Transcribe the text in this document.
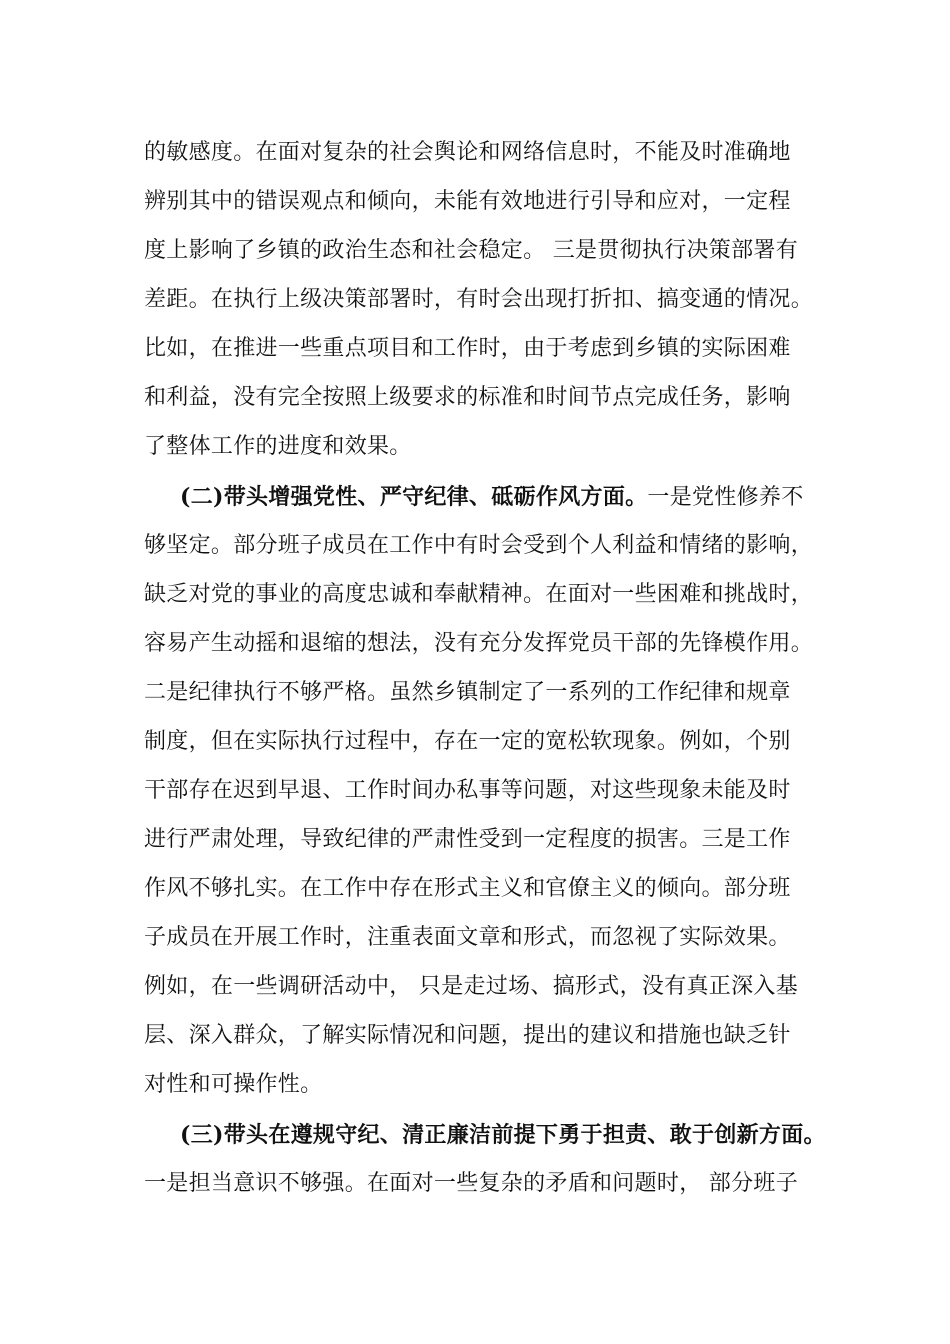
的敏感度。在面对复杂的社会舆论和网络信息时，不能及时准确地
辨别其中的错误观点和倾向，未能有效地进行引导和应对，一定程
度上影响了乡镇的政治生态和社会稳定。 三是贯彻执行决策部署有
差距。在执行上级决策部署时，有时会出现打折扣、搞变通的情况。
比如，在推进一些重点项目和工作时，由于考虑到乡镇的实际困难
和利益，没有完全按照上级要求的标准和时间节点完成任务，影响
了整体工作的进度和效果。
(二)带头增强党性、严守纪律、砥砺作风方面。一是党性修养不
够坚定。部分班子成员在工作中有时会受到个人利益和情绪的影响，
缺乏对党的事业的高度忠诚和奉献精神。在面对一些困难和挑战时，
容易产生动摇和退缩的想法，没有充分发挥党员干部的先锋模作用。
二是纪律执行不够严格。虽然乡镇制定了一系列的工作纪律和规章
制度，但在实际执行过程中，存在一定的宽松软现象。例如，个别
干部存在迟到早退、工作时间办私事等问题，对这些现象未能及时
进行严肃处理，导致纪律的严肃性受到一定程度的损害。三是工作
作风不够扎实。在工作中存在形式主义和官僚主义的倾向。部分班
子成员在开展工作时，注重表面文章和形式，而忽视了实际效果。
例如，在一些调研活动中， 只是走过场、搞形式，没有真正深入基
层、深入群众，了解实际情况和问题，提出的建议和措施也缺乏针
对性和可操作性。
(三)带头在遵规守纪、清正廉洁前提下勇于担责、敢于创新方面。
一是担当意识不够强。在面对一些复杂的矛盾和问题时， 部分班子
